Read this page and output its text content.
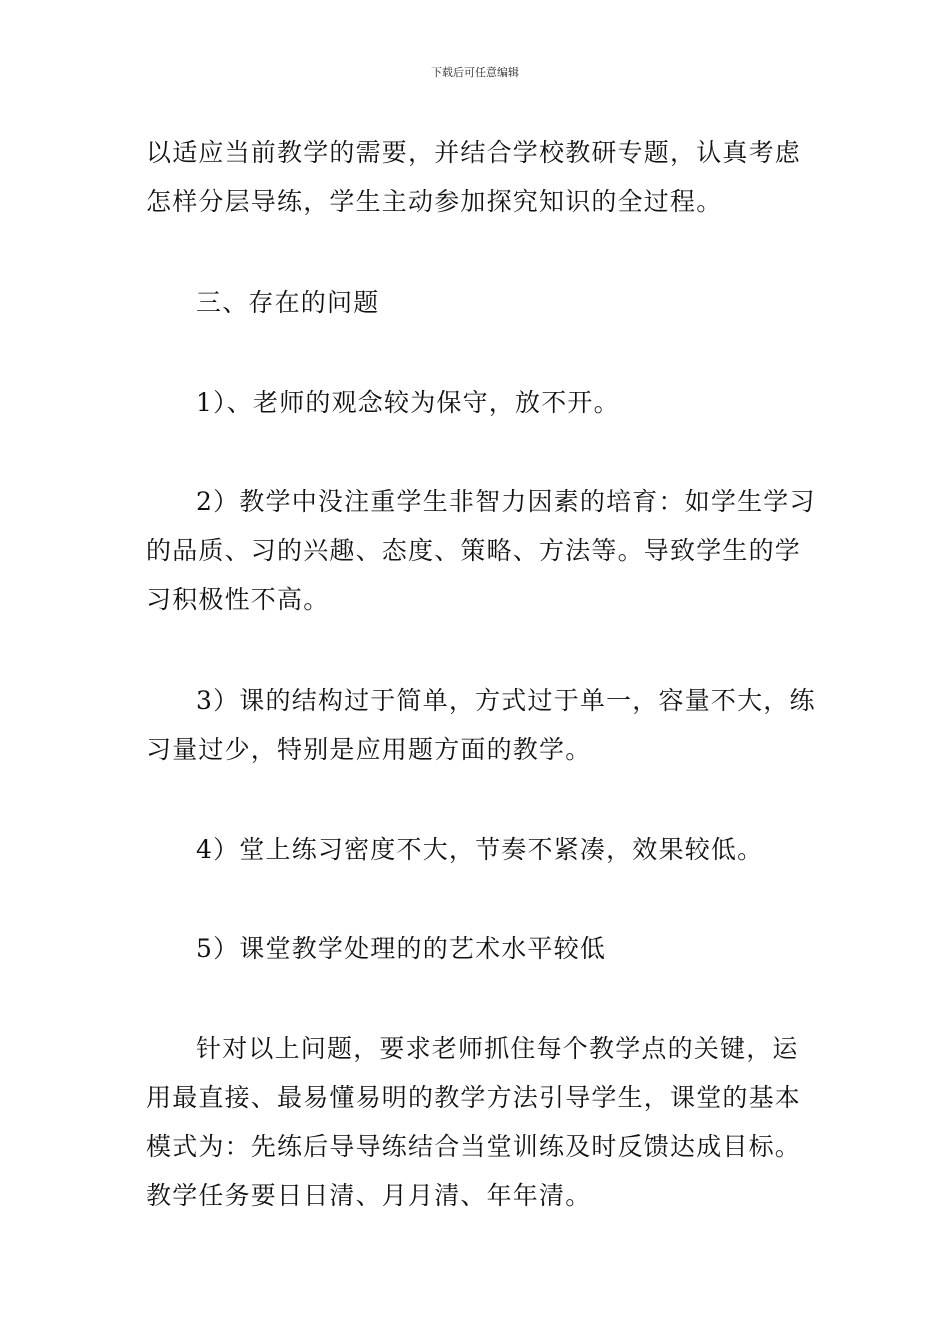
下载后可任意编辑

以适应当前教学的需要，并结合学校教研专题，认真考虑
怎样分层导练，学生主动参加探究知识的全过程。

三、存在的问题

1）、老师的观念较为保守，放不开。

2）教学中没注重学生非智力因素的培育：如学生学习
的品质、习的兴趣、态度、策略、方法等。导致学生的学
习积极性不高。

3）课的结构过于简单，方式过于单一，容量不大，练
习量过少，特别是应用题方面的教学。

4）堂上练习密度不大，节奏不紧凑，效果较低。

5）课堂教学处理的的艺术水平较低

针对以上问题，要求老师抓住每个教学点的关键，运
用最直接、最易懂易明的教学方法引导学生，课堂的基本
模式为：先练后导导练结合当堂训练及时反馈达成目标。
教学任务要日日清、月月清、年年清。
